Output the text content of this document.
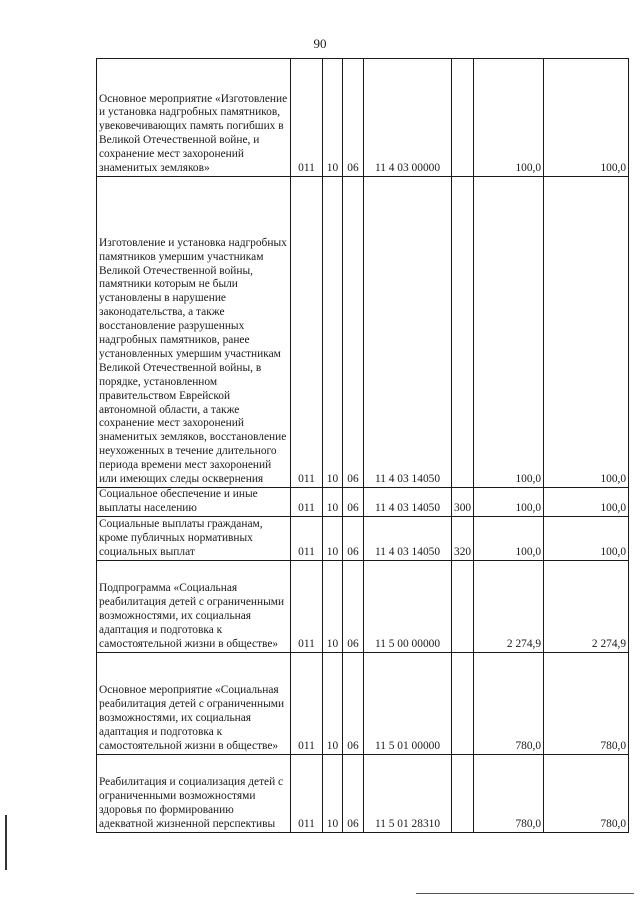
90
Основное мероприятие «Изготовление и установка надгробных памятников, увековечивающих память погибших в Великой Отечественной войне, и сохранение мест захоронений знаменитых земляков»	011	10	06	11 4 03 00000		100,0	100,0
Изготовление и установка надгробных памятников умершим участникам Великой Отечественной войны, памятники которым не были установлены в нарушение законодательства, а также восстановление разрушенных надгробных памятников, ранее установленных умершим участникам Великой Отечественной войны, в порядке, установленном правительством Еврейской автономной области, а также сохранение мест захоронений знаменитых земляков, восстановление неухоженных в течение длительного периода времени мест захоронений или имеющих следы осквернения	011	10	06	11 4 03 14050		100,0	100,0
Социальное обеспечение и иные выплаты населению	011	10	06	11 4 03 14050	300	100,0	100,0
Социальные выплаты гражданам, кроме публичных нормативных социальных выплат	011	10	06	11 4 03 14050	320	100,0	100,0
Подпрограмма «Социальная реабилитация детей с ограниченными возможностями, их социальная адаптация и подготовка к самостоятельной жизни в обществе»	011	10	06	11 5 00 00000		2 274,9	2 274,9
Основное мероприятие «Социальная реабилитация детей с ограниченными возможностями, их социальная адаптация и подготовка к самостоятельной жизни в обществе»	011	10	06	11 5 01 00000		780,0	780,0
Реабилитация и социализация детей с ограниченными возможностями здоровья по формированию адекватной жизненной перспективы	011	10	06	11 5 01 28310		780,0	780,0
